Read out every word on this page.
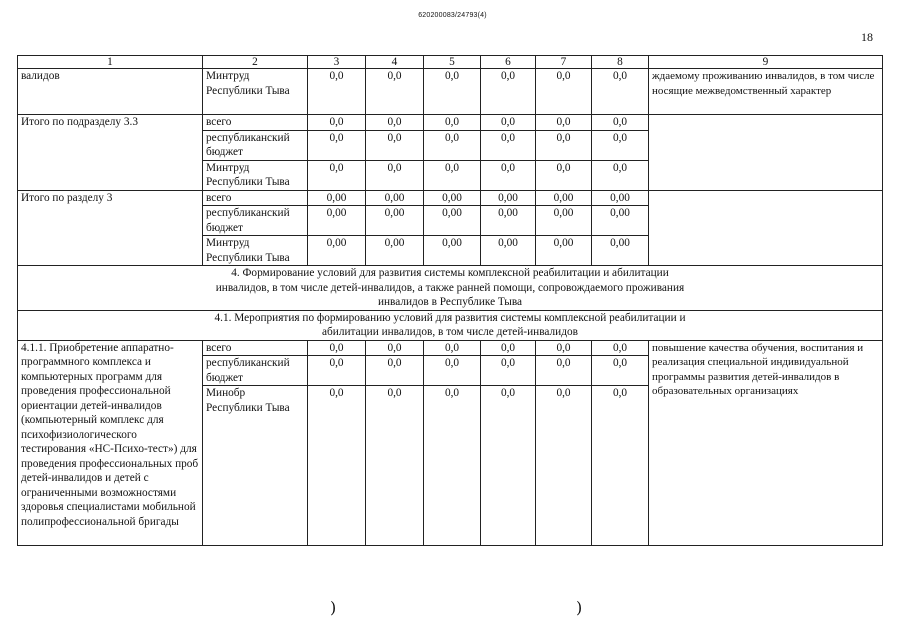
620200083/24793(4)
18
1	2	3	4	5	6	7	8	9
валидов	Минтруд Республики Тыва	0,0	0,0	0,0	0,0	0,0	0,0	ждаемому проживанию инвалидов, в том числе носящие межведомственный характер
Итого по подразделу 3.3	всего	0,0	0,0	0,0	0,0	0,0	0,0	
	республиканский бюджет	0,0	0,0	0,0	0,0	0,0	0,0	
	Минтруд Республики Тыва	0,0	0,0	0,0	0,0	0,0	0,0	
Итого по разделу 3	всего	0,00	0,00	0,00	0,00	0,00	0,00	
	республиканский бюджет	0,00	0,00	0,00	0,00	0,00	0,00	
	Минтруд Республики Тыва	0,00	0,00	0,00	0,00	0,00	0,00	
4. Формирование условий для развития системы комплексной реабилитации и абилитации инвалидов, в том числе детей-инвалидов, а также ранней помощи, сопровождаемого проживания инвалидов в Республике Тыва								
4.1. Мероприятия по формированию условий для развития системы комплексной реабилитации и абилитации инвалидов, в том числе детей-инвалидов								
4.1.1. Приобретение аппаратно-программного комплекса и компьютерных программ для проведения профессиональной ориентации детей-инвалидов (компьютерный комплекс для психофизиологического тестирования «НС-Психо-тест») для проведения профессиональных проб детей-инвалидов и детей с ограниченными возможностями здоровья специалистами мобильной полипрофессиональной бригады	всего	0,0	0,0	0,0	0,0	0,0	0,0	повышение качества обучения, воспитания и реализация специальной индивидуальной программы развития детей-инвалидов в образовательных организациях
	республиканский бюджет	0,0	0,0	0,0	0,0	0,0	0,0	
	Минобр Республики Тыва	0,0	0,0	0,0	0,0	0,0	0,0	
)	)
